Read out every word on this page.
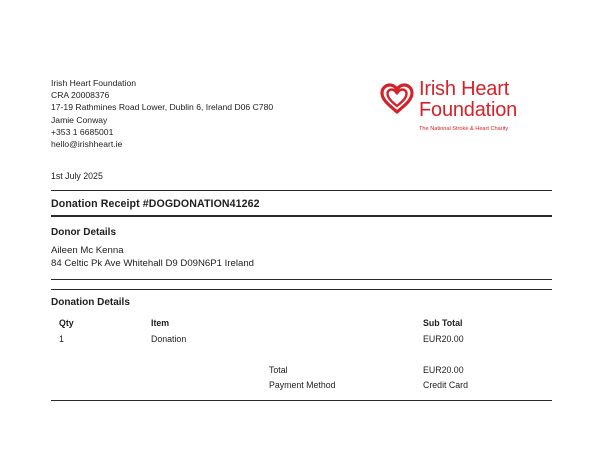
Irish Heart Foundation
CRA 20008376
17-19 Rathmines Road Lower, Dublin 6, Ireland D06 C780
Jamie Conway
+353 1 6685001
hello@irishheart.ie
Irish Heart
Foundation
The National Stroke & Heart Charity
1st July 2025
Donation Receipt #DOGDONATION41262
Donor Details
Aileen Mc Kenna
84 Celtic Pk Ave Whitehall D9 D09N6P1 Ireland
Donation Details
Qty	Item	Sub Total
1	Donation	EUR20.00
Total	EUR20.00
Payment Method	Credit Card
